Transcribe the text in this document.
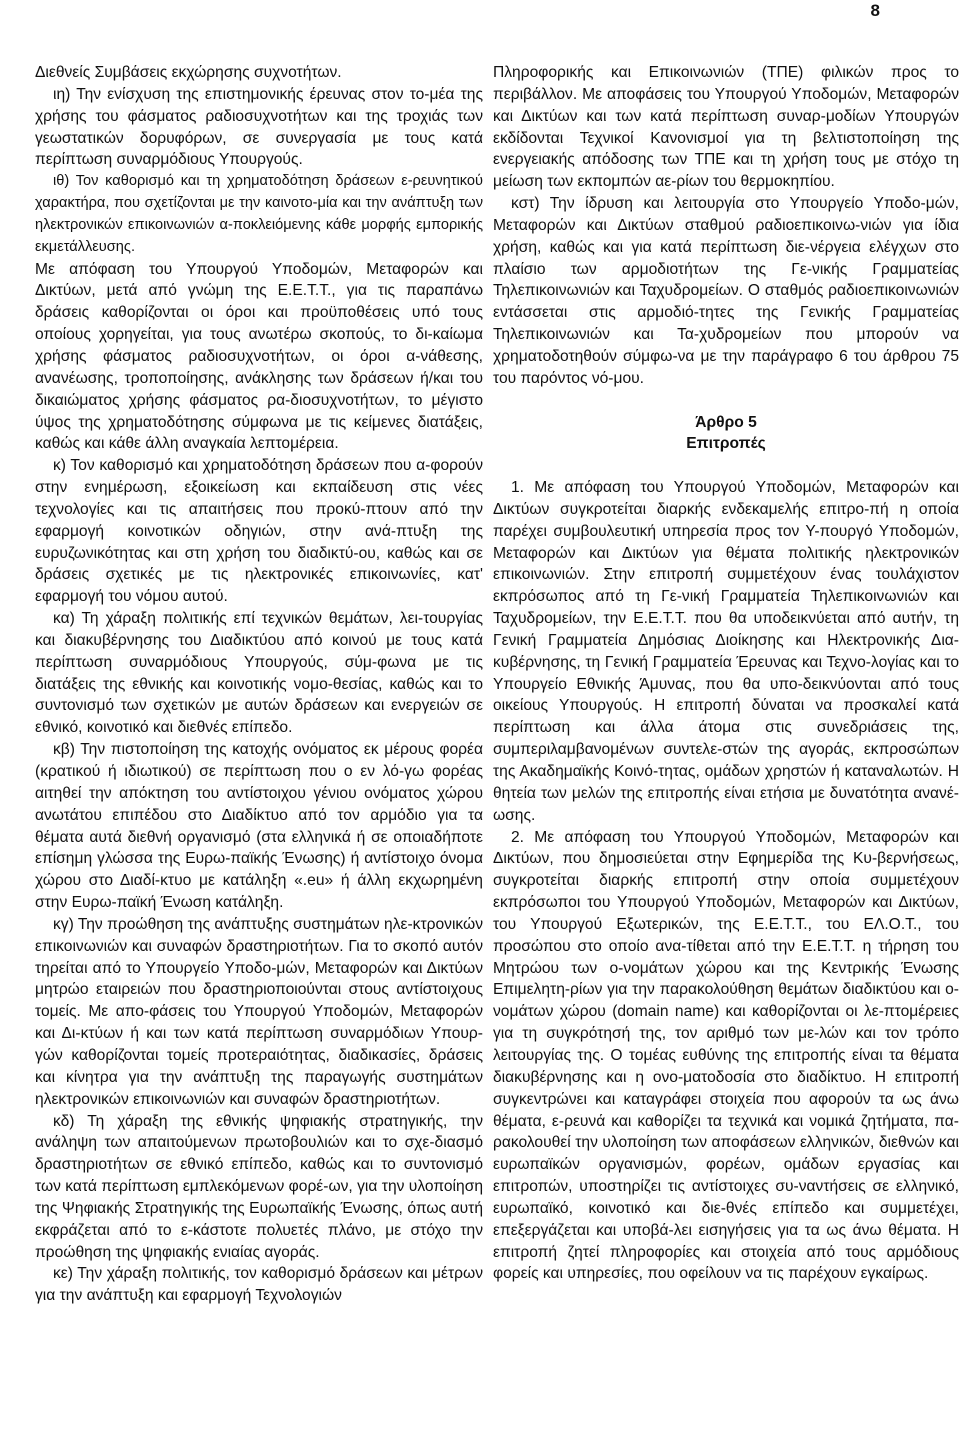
8

Διεθνείς Συμβάσεις εκχώρησης συχνοτήτων.

ιη) Την ενίσχυση της επιστημονικής έρευνας στον το-μέα της χρήσης του φάσματος ραδιοσυχνοτήτων και της τροχιάς των γεωστατικών δορυφόρων, σε συνεργασία με τους κατά περίπτωση συναρμόδιους Υπουργούς.

ιθ) Τον καθορισμό και τη χρηματοδότηση δράσεων ε-ρευνητικού χαρακτήρα, που σχετίζονται με την καινοτο-μία και την ανάπτυξη των ηλεκτρονικών επικοινωνιών α-ποκλειόμενης κάθε μορφής εμπορικής εκμετάλλευσης.

Με απόφαση του Υπουργού Υποδομών, Μεταφορών και Δικτύων, μετά από γνώμη της Ε.Ε.Τ.Τ., για τις παραπάνω δράσεις καθορίζονται οι όροι και προϋποθέσεις υπό τους οποίους χορηγείται, για τους ανωτέρω σκοπούς, το δι-καίωμα χρήσης φάσματος ραδιοσυχνοτήτων, οι όροι α-νάθεσης, ανανέωσης, τροποποίησης, ανάκλησης των δράσεων ή/και του δικαιώματος χρήσης φάσματος ρα-διοσυχνοτήτων, το μέγιστο ύψος της χρηματοδότησης σύμφωνα με τις κείμενες διατάξεις, καθώς και κάθε άλλη αναγκαία λεπτομέρεια.

κ) Τον καθορισμό και χρηματοδότηση δράσεων που α-φορούν στην ενημέρωση, εξοικείωση και εκπαίδευση στις νέες τεχνολογίες και τις απαιτήσεις που προκύ-πτουν από την εφαρμογή κοινοτικών οδηγιών, στην ανά-πτυξη της ευρυζωνικότητας και στη χρήση του διαδικτύ-ου, καθώς και σε δράσεις σχετικές με τις ηλεκτρονικές επικοινωνίες, κατ' εφαρμογή του νόμου αυτού.

κα) Τη χάραξη πολιτικής επί τεχνικών θεμάτων, λει-τουργίας και διακυβέρνησης του Διαδικτύου από κοινού με τους κατά περίπτωση συναρμόδιους Υπουργούς, σύμ-φωνα με τις διατάξεις της εθνικής και κοινοτικής νομο-θεσίας, καθώς και το συντονισμό των σχετικών με αυτών δράσεων και ενεργειών σε εθνικό, κοινοτικό και διεθνές επίπεδο.

κβ) Την πιστοποίηση της κατοχής ονόματος εκ μέρους φορέα (κρατικού ή ιδιωτικού) σε περίπτωση που ο εν λό-γω φορέας αιτηθεί την απόκτηση του αντίστοιχου γένιου ονόματος χώρου ανωτάτου επιπέδου στο Διαδίκτυο από τον αρμόδιο για τα θέματα αυτά διεθνή οργανισμό (στα ελληνικά ή σε οποιαδήποτε επίσημη γλώσσα της Ευρω-παϊκής Ένωσης) ή αντίστοιχο όνομα χώρου στο Διαδί-κτυο με κατάληξη «.eu» ή άλλη εκχωρημένη στην Ευρω-παϊκή Ένωση κατάληξη.

κγ) Την προώθηση της ανάπτυξης συστημάτων ηλε-κτρονικών επικοινωνιών και συναφών δραστηριοτήτων. Για το σκοπό αυτόν τηρείται από το Υπουργείο Υποδο-μών, Μεταφορών και Δικτύων μητρώο εταιρειών που δραστηριοποιούνται στους αντίστοιχους τομείς. Με απο-φάσεις του Υπουργού Υποδομών, Μεταφορών και Δι-κτύων ή και των κατά περίπτωση συναρμόδιων Υπουρ-γών καθορίζονται τομείς προτεραιότητας, διαδικασίες, δράσεις και κίνητρα για την ανάπτυξη της παραγωγής συστημάτων ηλεκτρονικών επικοινωνιών και συναφών δραστηριοτήτων.

κδ) Τη χάραξη της εθνικής ψηφιακής στρατηγικής, την ανάληψη των απαιτούμενων πρωτοβουλιών και το σχε-διασμό δραστηριοτήτων σε εθνικό επίπεδο, καθώς και το συντονισμό των κατά περίπτωση εμπλεκόμενων φορέ-ων, για την υλοποίηση της Ψηφιακής Στρατηγικής της Ευρωπαϊκής Ένωσης, όπως αυτή εκφράζεται από το ε-κάστοτε πολυετές πλάνο, με στόχο την προώθηση της ψηφιακής ενιαίας αγοράς.

κε) Την χάραξη πολιτικής, τον καθορισμό δράσεων και μέτρων για την ανάπτυξη και εφαρμογή Τεχνολογιών

Πληροφορικής και Επικοινωνιών (ΤΠΕ) φιλικών προς το περιβάλλον. Με αποφάσεις του Υπουργού Υποδομών, Μεταφορών και Δικτύων και των κατά περίπτωση συναρ-μοδίων Υπουργών εκδίδονται Τεχνικοί Κανονισμοί για τη βελτιστοποίηση της ενεργειακής απόδοσης των ΤΠΕ και τη χρήση τους με στόχο τη μείωση των εκπομπών αε-ρίων του θερμοκηπίου.

κστ) Την ίδρυση και λειτουργία στο Υπουργείο Υποδο-μών, Μεταφορών και Δικτύων σταθμού ραδιοεπικοινω-νιών για ίδια χρήση, καθώς και για κατά περίπτωση διε-νέργεια ελέγχων στο πλαίσιο των αρμοδιοτήτων της Γε-νικής Γραμματείας Τηλεπικοινωνιών και Ταχυδρομείων. Ο σταθμός ραδιοεπικοινωνιών εντάσσεται στις αρμοδιό-τητες της Γενικής Γραμματείας Τηλεπικοινωνιών και Τα-χυδρομείων που μπορούν να χρηματοδοτηθούν σύμφω-να με την παράγραφο 6 του άρθρου 75 του παρόντος νό-μου.

Άρθρο 5

Επιτροπές

1. Με απόφαση του Υπουργού Υποδομών, Μεταφορών και Δικτύων συγκροτείται διαρκής ενδεκαμελής επιτρο-πή η οποία παρέχει συμβουλευτική υπηρεσία προς τον Υ-πουργό Υποδομών, Μεταφορών και Δικτύων για θέματα πολιτικής ηλεκτρονικών επικοινωνιών. Στην επιτροπή συμμετέχουν ένας τουλάχιστον εκπρόσωπος από τη Γε-νική Γραμματεία Τηλεπικοινωνιών και Ταχυδρομείων, την Ε.Ε.Τ.Τ. που θα υποδεικνύεται από αυτήν, τη Γενική Γραμματεία Δημόσιας Διοίκησης και Ηλεκτρονικής Δια-κυβέρνησης, τη Γενική Γραμματεία Έρευνας και Τεχνο-λογίας και το Υπουργείο Εθνικής Άμυνας, που θα υπο-δεικνύονται από τους οικείους Υπουργούς. Η επιτροπή δύναται να προσκαλεί κατά περίπτωση και άλλα άτομα στις συνεδριάσεις της, συμπεριλαμβανομένων συντελε-στών της αγοράς, εκπροσώπων της Ακαδημαϊκής Κοινό-τητας, ομάδων χρηστών ή καταναλωτών. Η θητεία των μελών της επιτροπής είναι ετήσια με δυνατότητα ανανέ-ωσης.

2. Με απόφαση του Υπουργού Υποδομών, Μεταφορών και Δικτύων, που δημοσιεύεται στην Εφημερίδα της Κυ-βερνήσεως, συγκροτείται διαρκής επιτροπή στην οποία συμμετέχουν εκπρόσωποι του Υπουργού Υποδομών, Μεταφορών και Δικτύων, του Υπουργού Εξωτερικών, της Ε.Ε.Τ.Τ., του ΕΛ.Ο.Τ., του προσώπου στο οποίο ανα-τίθεται από την Ε.Ε.Τ.Τ. η τήρηση του Μητρώου των ο-νομάτων χώρου και της Κεντρικής Ένωσης Επιμελητη-ρίων για την παρακολούθηση θεμάτων διαδικτύου και ο-νομάτων χώρου (domain name) και καθορίζονται οι λε-πτομέρειες για τη συγκρότησή της, τον αριθμό των με-λών και τον τρόπο λειτουργίας της. Ο τομέας ευθύνης της επιτροπής είναι τα θέματα διακυβέρνησης και η ονο-ματοδοσία στο διαδίκτυο. Η επιτροπή συγκεντρώνει και καταγράφει στοιχεία που αφορούν τα ως άνω θέματα, ε-ρευνά και καθορίζει τα τεχνικά και νομικά ζητήματα, πα-ρακολουθεί την υλοποίηση των αποφάσεων ελληνικών, διεθνών και ευρωπαϊκών οργανισμών, φορέων, ομάδων εργασίας και επιτροπών, υποστηρίζει τις αντίστοιχες συ-ναντήσεις σε ελληνικό, ευρωπαϊκό, κοινοτικό και διε-θνές επίπεδο και συμμετέχει, επεξεργάζεται και υποβά-λει εισηγήσεις για τα ως άνω θέματα. Η επιτροπή ζητεί πληροφορίες και στοιχεία από τους αρμόδιους φορείς και υπηρεσίες, που οφείλουν να τις παρέχουν εγκαίρως.
